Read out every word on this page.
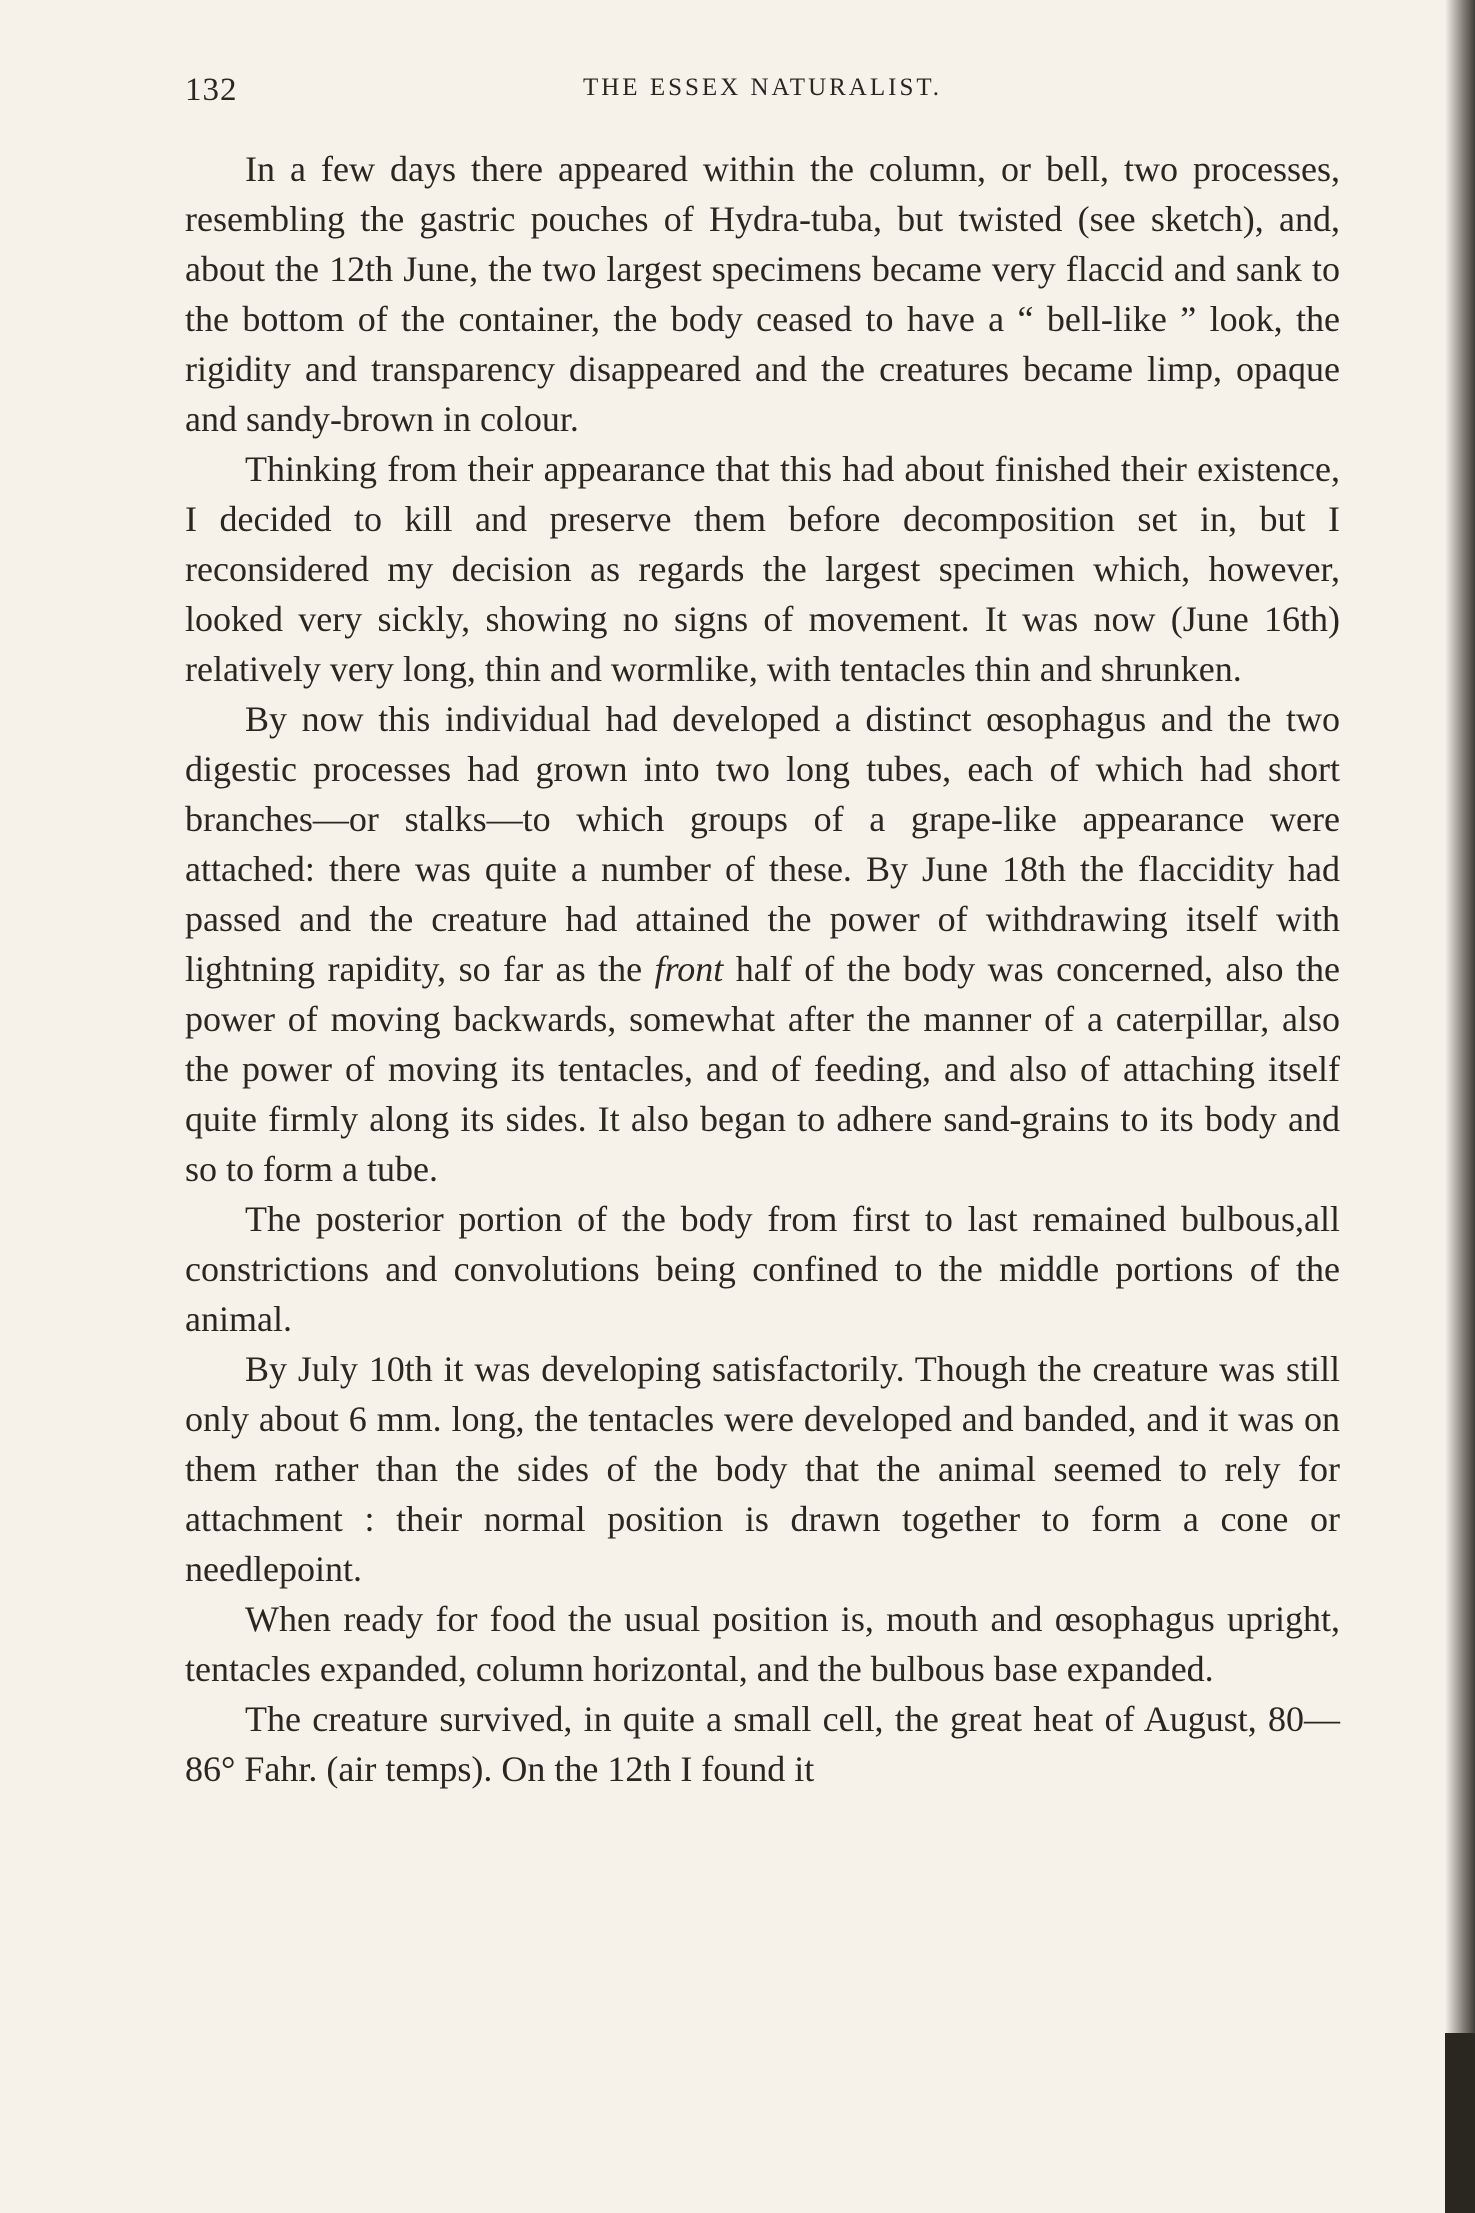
132	THE ESSEX NATURALIST.

In a few days there appeared within the column, or bell, two processes, resembling the gastric pouches of Hydra-tuba, but twisted (see sketch), and, about the 12th June, the two largest specimens became very flaccid and sank to the bottom of the container, the body ceased to have a “ bell-like ” look, the rigidity and transparency disappeared and the creatures became limp, opaque and sandy-brown in colour.

Thinking from their appearance that this had about finished their existence, I decided to kill and preserve them before decomposition set in, but I reconsidered my decision as regards the largest specimen which, however, looked very sickly, showing no signs of movement. It was now (June 16th) relatively very long, thin and wormlike, with tentacles thin and shrunken.

By now this individual had developed a distinct œsophagus and the two digestic processes had grown into two long tubes, each of which had short branches—or stalks—to which groups of a grape-like appearance were attached: there was quite a number of these. By June 18th the flaccidity had passed and the creature had attained the power of withdrawing itself with lightning rapidity, so far as the front half of the body was concerned, also the power of moving backwards, somewhat after the manner of a caterpillar, also the power of moving its tentacles, and of feeding, and also of attaching itself quite firmly along its sides. It also began to adhere sand-grains to its body and so to form a tube.

The posterior portion of the body from first to last remained bulbous,all constrictions and convolutions being confined to the middle portions of the animal.

By July 10th it was developing satisfactorily. Though the creature was still only about 6 mm. long, the tentacles were developed and banded, and it was on them rather than the sides of the body that the animal seemed to rely for attachment : their normal position is drawn together to form a cone or needlepoint.

When ready for food the usual position is, mouth and œsophagus upright, tentacles expanded, column horizontal, and the bulbous base expanded.

The creature survived, in quite a small cell, the great heat of August, 80—86° Fahr. (air temps). On the 12th I found it
